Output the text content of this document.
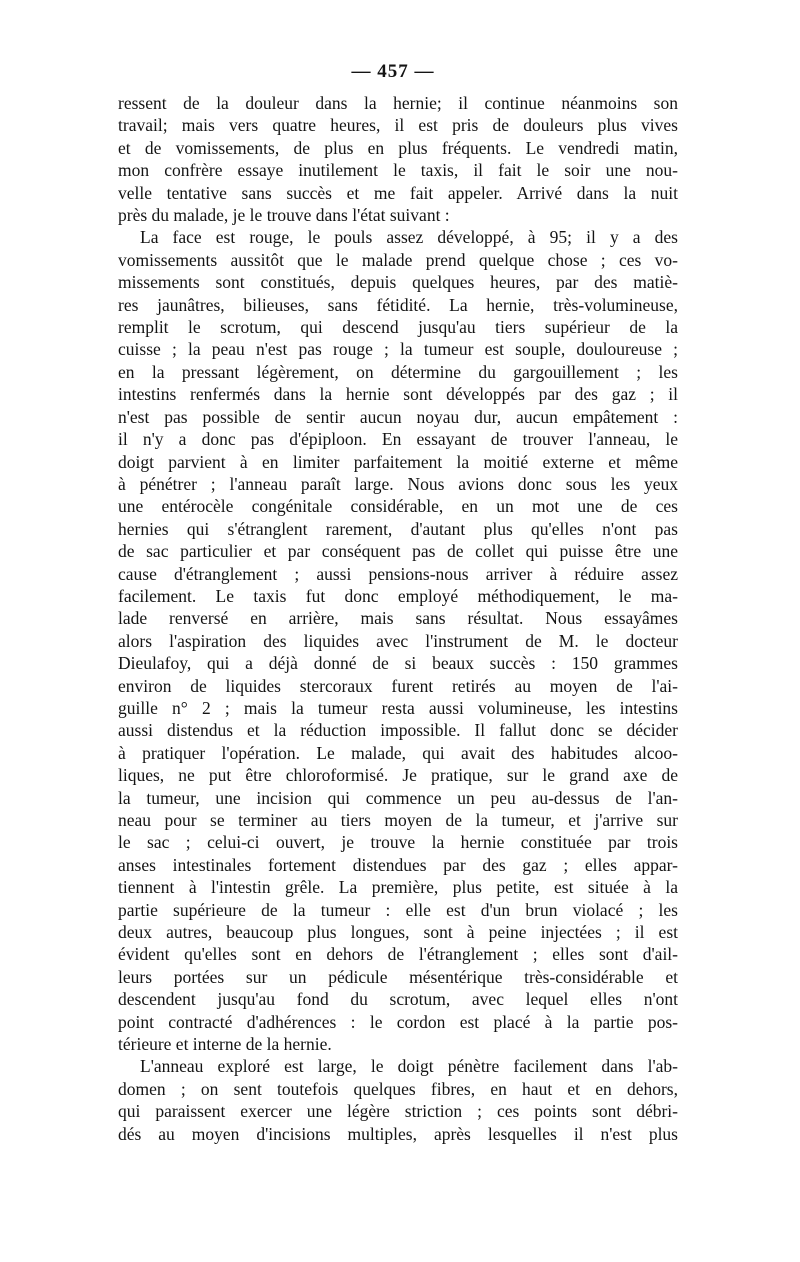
— 457 —
ressent de la douleur dans la hernie; il continue néanmoins son
travail; mais vers quatre heures, il est pris de douleurs plus vives
et de vomissements, de plus en plus fréquents. Le vendredi matin,
mon confrère essaye inutilement le taxis, il fait le soir une nou-
velle tentative sans succès et me fait appeler. Arrivé dans la nuit
près du malade, je le trouve dans l'état suivant :
La face est rouge, le pouls assez développé, à 95; il y a des
vomissements aussitôt que le malade prend quelque chose ; ces vo-
missements sont constitués, depuis quelques heures, par des matiè-
res jaunâtres, bilieuses, sans fétidité. La hernie, très-volumineuse,
remplit le scrotum, qui descend jusqu'au tiers supérieur de la
cuisse ; la peau n'est pas rouge ; la tumeur est souple, douloureuse ;
en la pressant légèrement, on détermine du gargouillement ; les
intestins renfermés dans la hernie sont développés par des gaz ; il
n'est pas possible de sentir aucun noyau dur, aucun empâtement :
il n'y a donc pas d'épiploon. En essayant de trouver l'anneau, le
doigt parvient à en limiter parfaitement la moitié externe et même
à pénétrer ; l'anneau paraît large. Nous avions donc sous les yeux
une entérocèle congénitale considérable, en un mot une de ces
hernies qui s'étranglent rarement, d'autant plus qu'elles n'ont pas
de sac particulier et par conséquent pas de collet qui puisse être une
cause d'étranglement ; aussi pensions-nous arriver à réduire assez
facilement. Le taxis fut donc employé méthodiquement, le ma-
lade renversé en arrière, mais sans résultat. Nous essayâmes
alors l'aspiration des liquides avec l'instrument de M. le docteur
Dieulafoy, qui a déjà donné de si beaux succès : 150 grammes
environ de liquides stercoraux furent retirés au moyen de l'ai-
guille n° 2 ; mais la tumeur resta aussi volumineuse, les intestins
aussi distendus et la réduction impossible. Il fallut donc se décider
à pratiquer l'opération. Le malade, qui avait des habitudes alcoo-
liques, ne put être chloroformisé. Je pratique, sur le grand axe de
la tumeur, une incision qui commence un peu au-dessus de l'an-
neau pour se terminer au tiers moyen de la tumeur, et j'arrive sur
le sac ; celui-ci ouvert, je trouve la hernie constituée par trois
anses intestinales fortement distendues par des gaz ; elles appar-
tiennent à l'intestin grêle. La première, plus petite, est située à la
partie supérieure de la tumeur : elle est d'un brun violacé ; les
deux autres, beaucoup plus longues, sont à peine injectées ; il est
évident qu'elles sont en dehors de l'étranglement ; elles sont d'ail-
leurs portées sur un pédicule mésentérique très-considérable et
descendent jusqu'au fond du scrotum, avec lequel elles n'ont
point contracté d'adhérences : le cordon est placé à la partie pos-
térieure et interne de la hernie.
L'anneau exploré est large, le doigt pénètre facilement dans l'ab-
domen ; on sent toutefois quelques fibres, en haut et en dehors,
qui paraissent exercer une légère striction ; ces points sont débri-
dés au moyen d'incisions multiples, après lesquelles il n'est plus
